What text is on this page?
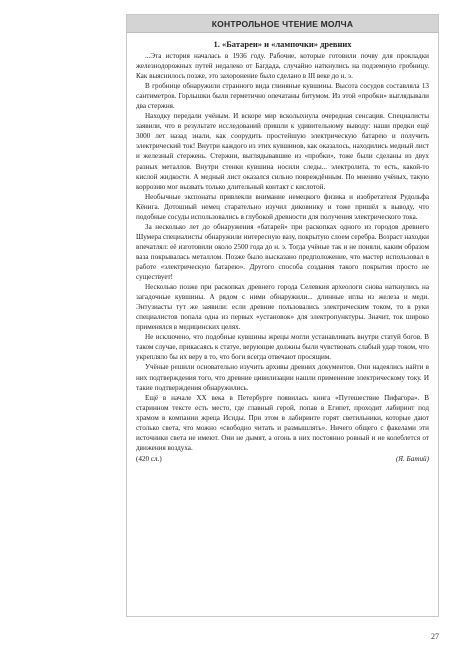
КОНТРОЛЬНОЕ ЧТЕНИЕ МОЛЧА
1. «Батареи» и «лампочки» древних

...Эта история началась в 1936 году. Рабочие, которые готовили почву для прокладки железнодорожных путей недалеко от Багдада, случайно наткнулись на подземную гробницу. Как выяснилось позже, это захоронение было сделано в III веке до н. э.

В гробнице обнаружили странного вида глиняные кувшины. Высота сосудов составляла 13 сантиметров. Горлышки были герметично опечатаны битумом. Из этой «пробки» выглядывали два стержня.

Находку передали учёным. И вскоре мир всколыхнула очередная сенсация. Специалисты заявили, что в результате исследований пришли к удивительному выводу: наши предки ещё 3000 лет назад знали, как соорудить простейшую электрическую батарею и получить электрический ток! Внутри каждого из этих кувшинов, как оказалось, находились медный лист и железный стержень. Стержни, выглядывавшие из «пробки», тоже были сделаны из двух разных металлов. Внутри стенки кувшина носили следы... электролита, то есть, какой-то кислой жидкости. А медный лист оказался сильно повреждённым. По мнению учёных, такую коррозию мог вызвать только длительный контакт с кислотой.

Необычные экспонаты привлекли внимание немецкого физика и изобретателя Рудольфа Кёнига. Дотошный немец старательно изучил диковинку и тоже пришёл к выводу, что подобные сосуды использовались в глубокой древности для получения электрического тока.

За несколько лет до обнаружения «батарей» при раскопках одного из городов древнего Шумера специалисты обнаружили интересную вазу, покрытую слоем серебра. Возраст находки впечатлял: её изготовили около 2500 года до н. э. Тогда учёные так и не поняли, каким образом ваза покрывалась металлом. Позже было высказано предположение, что мастер использовал в работе «электрическую батарею». Другого способа создания такого покрытия просто не существует!

Несколько позже при раскопках древнего города Селевкия археологи снова наткнулись на загадочные кувшины. А рядом с ними обнаружили... длинные иглы из железа и меди. Энтузиасты тут же заявили: если древние пользовались электрическим током, то в руки специалистов попала одна из первых «установок» для электропунктуры. Значит, ток широко применялся в медицинских целях.

Не исключено, что подобные кувшины жрецы могли устанавливать внутри статуй богов. В таком случае, прикасаясь к статуе, верующие должны были чувствовать слабый удар током, что укрепляло бы их веру в то, что боги всегда отвечают просящим.

Учёные решили основательно изучить архивы древних документов. Они надеялись найти в них подтверждения того, что древние цивилизации нашли применение электрическому току. И такие подтверждения обнаружились.

Ещё в начале XX века в Петербурге появилась книга «Путешествие Пифагора». В старинном тексте есть место, где главный герой, попав в Египет, проходит лабиринт под храмом в компании жреца Исиды. При этом в лабиринте горят светильники, которые дают столько света, что можно «свободно читать и размышлять». Ничего общего с факелами эти источники света не имеют. Они не дымят, а огонь в них постоянно ровный и не колеблется от движения воздуха.

(420 сл.)	(Я. Батий)
27
